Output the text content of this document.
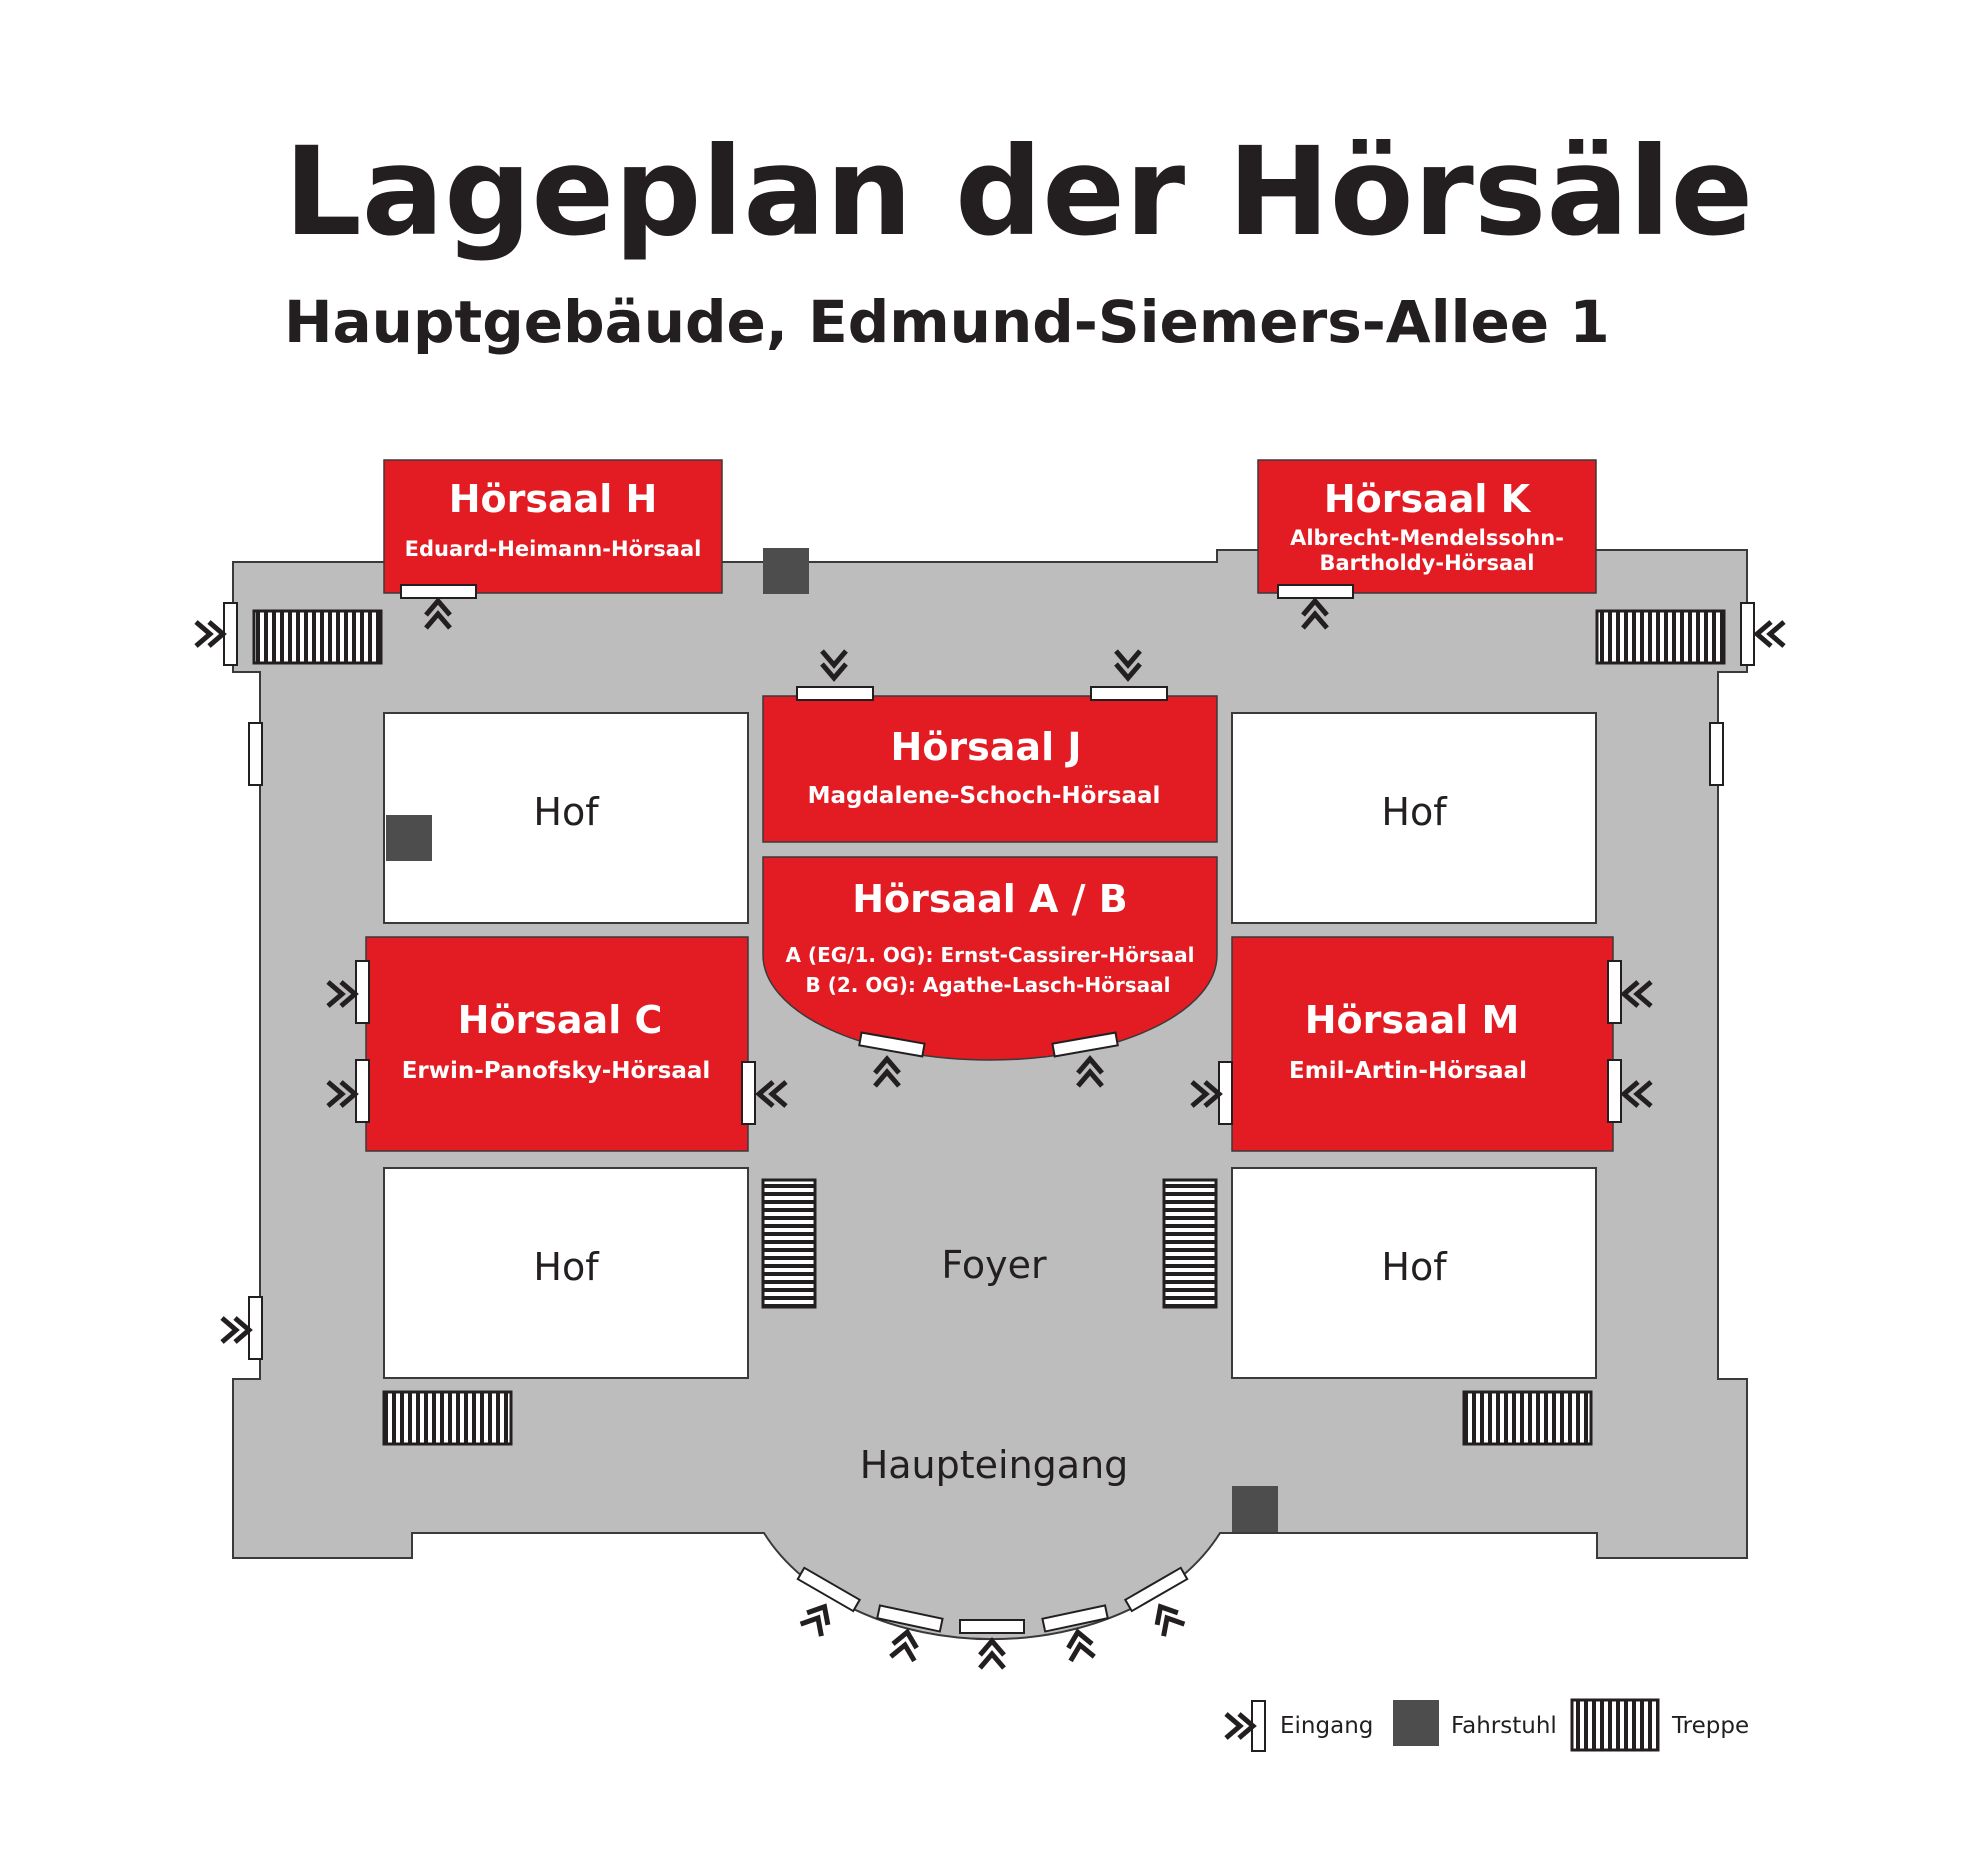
Lageplan der Hörsäle
Hauptgebäude, Edmund-Siemers-Allee 1
Hof	Hof
Hof	Hof
Hörsaal H
Eduard-Heimann-Hörsaal
Hörsaal K
Albrecht-Mendelssohn-
Bartholdy-Hörsaal
Hörsaal J
Magdalene-Schoch-Hörsaal
Hörsaal A / B
A (EG/1. OG): Ernst-Cassirer-Hörsaal
B (2. OG): Agathe-Lasch-Hörsaal
Hörsaal C
Erwin-Panofsky-Hörsaal
Hörsaal M
Emil-Artin-Hörsaal
Foyer
Haupteingang
Eingang	Fahrstuhl	Treppe
